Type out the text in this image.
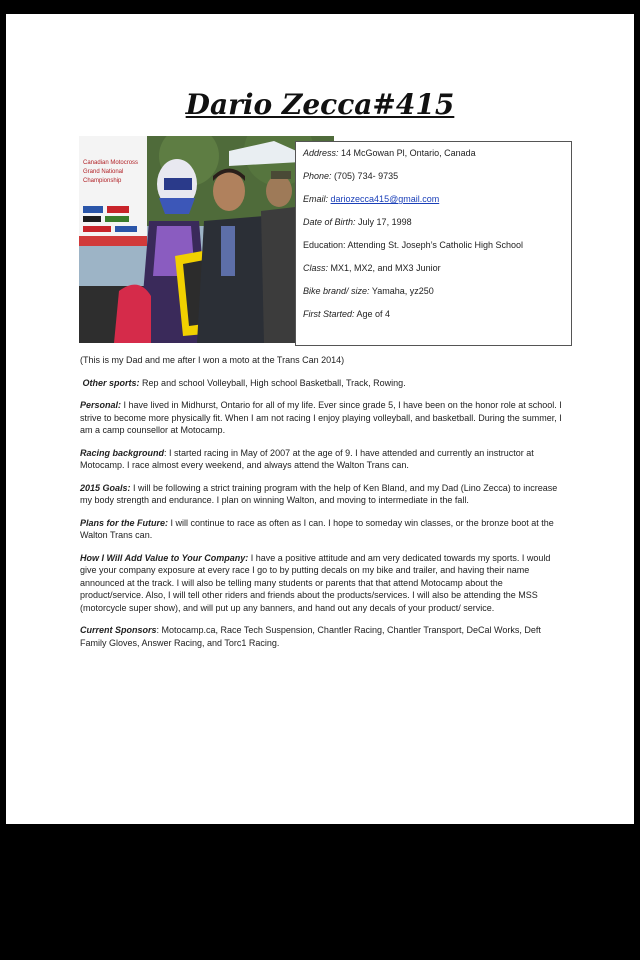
Dario Zecca#415
Canadian Motocross
Grand National
Championship
Address: 14 McGowan Pl, Ontario, Canada
Phone: (705) 734- 9735
Email: dariozecca415@gmail.com
Date of Birth: July 17, 1998
Education: Attending St. Joseph’s Catholic High School
Class: MX1, MX2, and MX3 Junior
Bike brand/ size: Yamaha, yz250
First Started: Age of 4

(This is my Dad and me after I won a moto at the Trans Can 2014)

Other sports: Rep and school Volleyball, High school Basketball, Track, Rowing.

Personal: I have lived in Midhurst, Ontario for all of my life. Ever since grade 5, I have been on the honor role at school. I strive to become more physically fit. When I am not racing I enjoy playing volleyball, and basketball. During the summer, I am a camp counsellor at Motocamp.

Racing background: I started racing in May of 2007 at the age of 9. I have attended and currently an instructor at Motocamp. I race almost every weekend, and always attend the Walton Trans can.

2015 Goals: I will be following a strict training program with the help of Ken Bland, and my Dad (Lino Zecca) to increase my body strength and endurance. I plan on winning Walton, and moving to intermediate in the fall.

Plans for the Future: I will continue to race as often as I can. I hope to someday win classes, or the bronze boot at the Walton Trans can.

How I Will Add Value to Your Company: I have a positive attitude and am very dedicated towards my sports. I would give your company exposure at every race I go to by putting decals on my bike and trailer, and having their name announced at the track. I will also be telling many students or parents that that attend Motocamp about the product/service. Also, I will tell other riders and friends about the products/services. I will also be attending the MSS (motorcycle super show), and will put up any banners, and hand out any decals of your product/ service.

Current Sponsors: Motocamp.ca, Race Tech Suspension, Chantler Racing, Chantler Transport, DeCal Works, Deft Family Gloves, Answer Racing, and Torc1 Racing.
